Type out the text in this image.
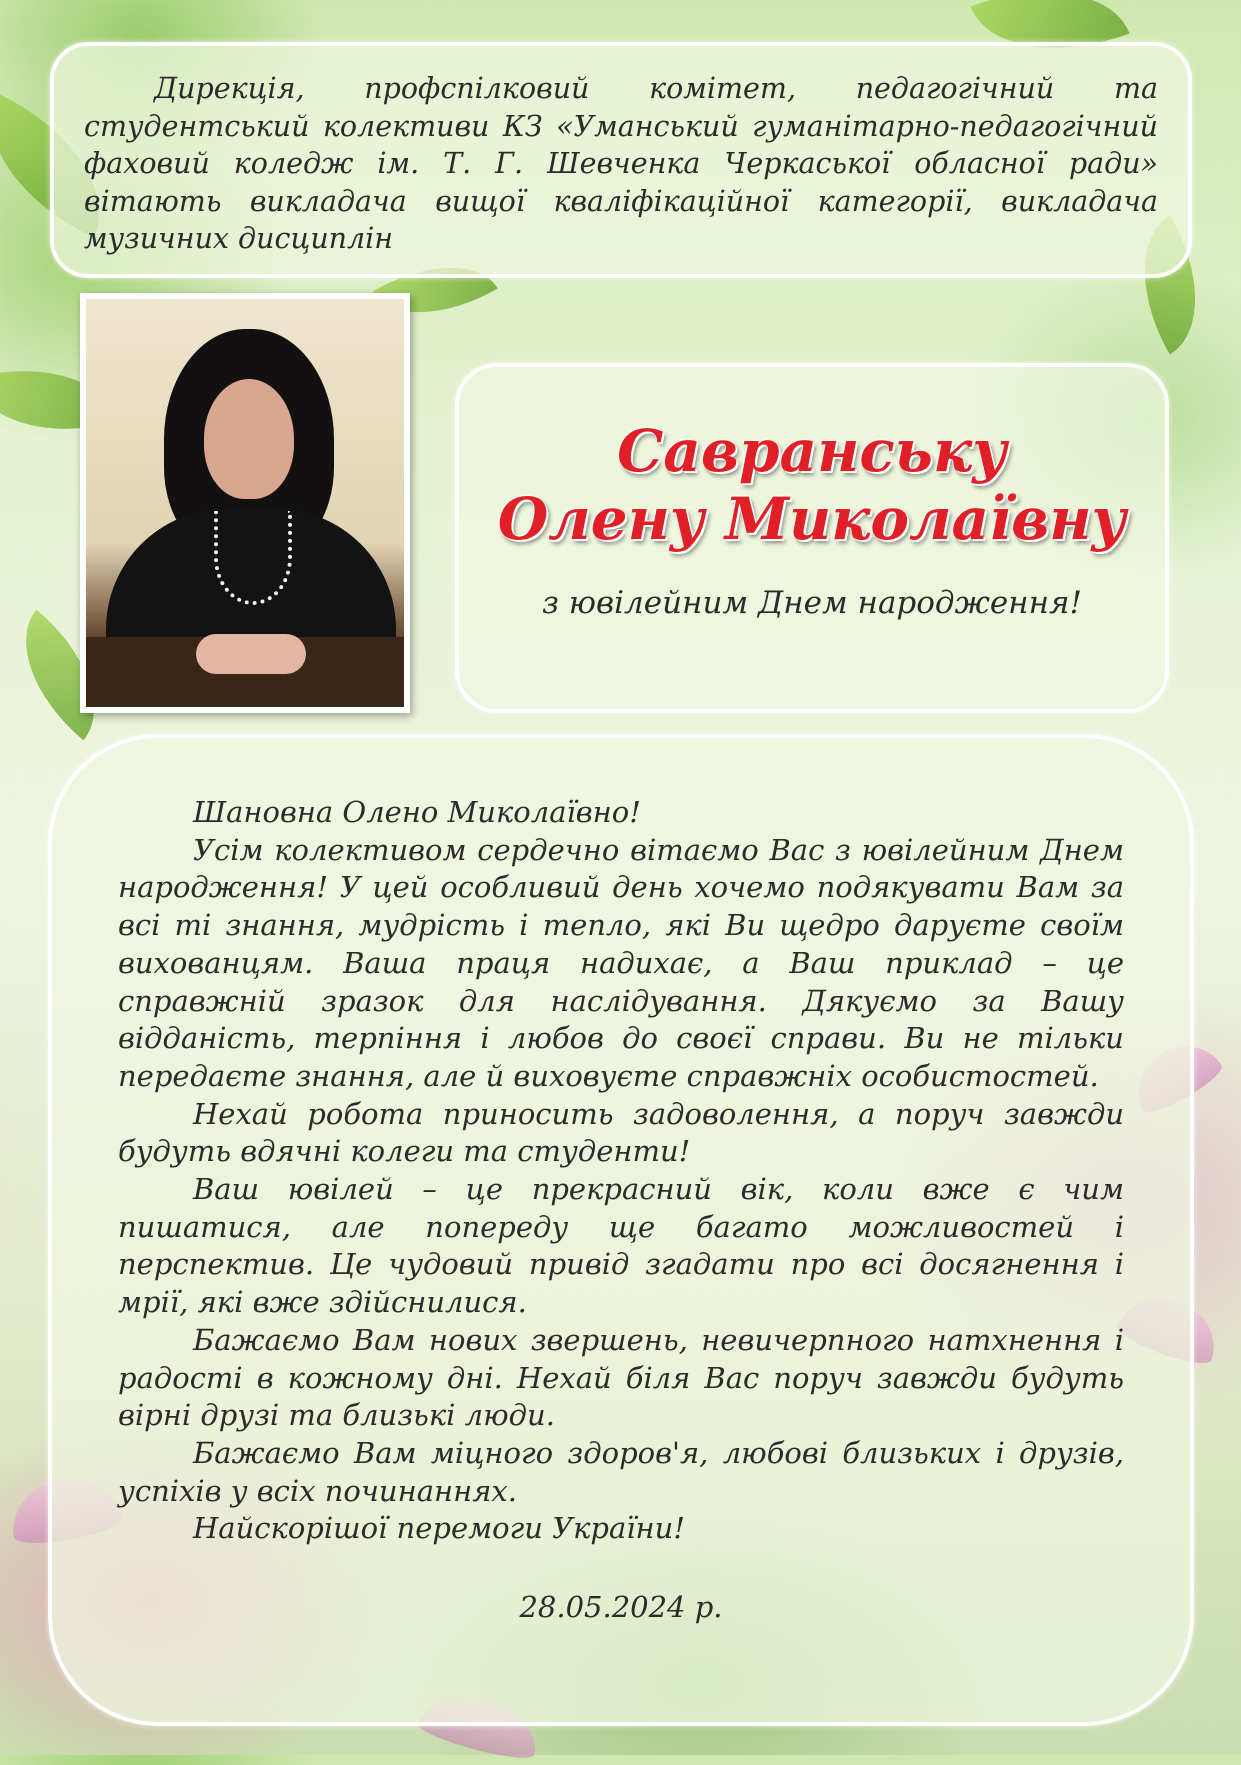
Дирекція, профспілковий комітет, педагогічний та студентський колективи КЗ «Уманський гуманітарно-педагогічний фаховий коледж ім. Т. Г. Шевченка Черкаської обласної ради» вітають викладача вищої кваліфікаційної категорії, викладача музичних дисциплін

Савранську

Олену Миколаївну

з ювілейним Днем народження!

Шановна Олено Миколаївно!

Усім колективом сердечно вітаємо Вас з ювілейним Днем народження! У цей особливий день хочемо подякувати Вам за всі ті знання, мудрість і тепло, які Ви щедро даруєте своїм вихованцям. Ваша праця надихає, а Ваш приклад – це справжній зразок для наслідування. Дякуємо за Вашу відданість, терпіння і любов до своєї справи. Ви не тільки передаєте знання, але й виховуєте справжніх особистостей.

Нехай робота приносить задоволення, а поруч завжди будуть вдячні колеги та студенти!

Ваш ювілей – це прекрасний вік, коли вже є чим пишатися, але попереду ще багато можливостей і перспектив. Це чудовий привід згадати про всі досягнення і мрії, які вже здійснилися.

Бажаємо Вам нових звершень, невичерпного натхнення і радості в кожному дні. Нехай біля Вас поруч завжди будуть вірні друзі та близькі люди.

Бажаємо Вам міцного здоров'я, любові близьких і друзів, успіхів у всіх починаннях.

Найскорішої перемоги України!

28.05.2024 р.
